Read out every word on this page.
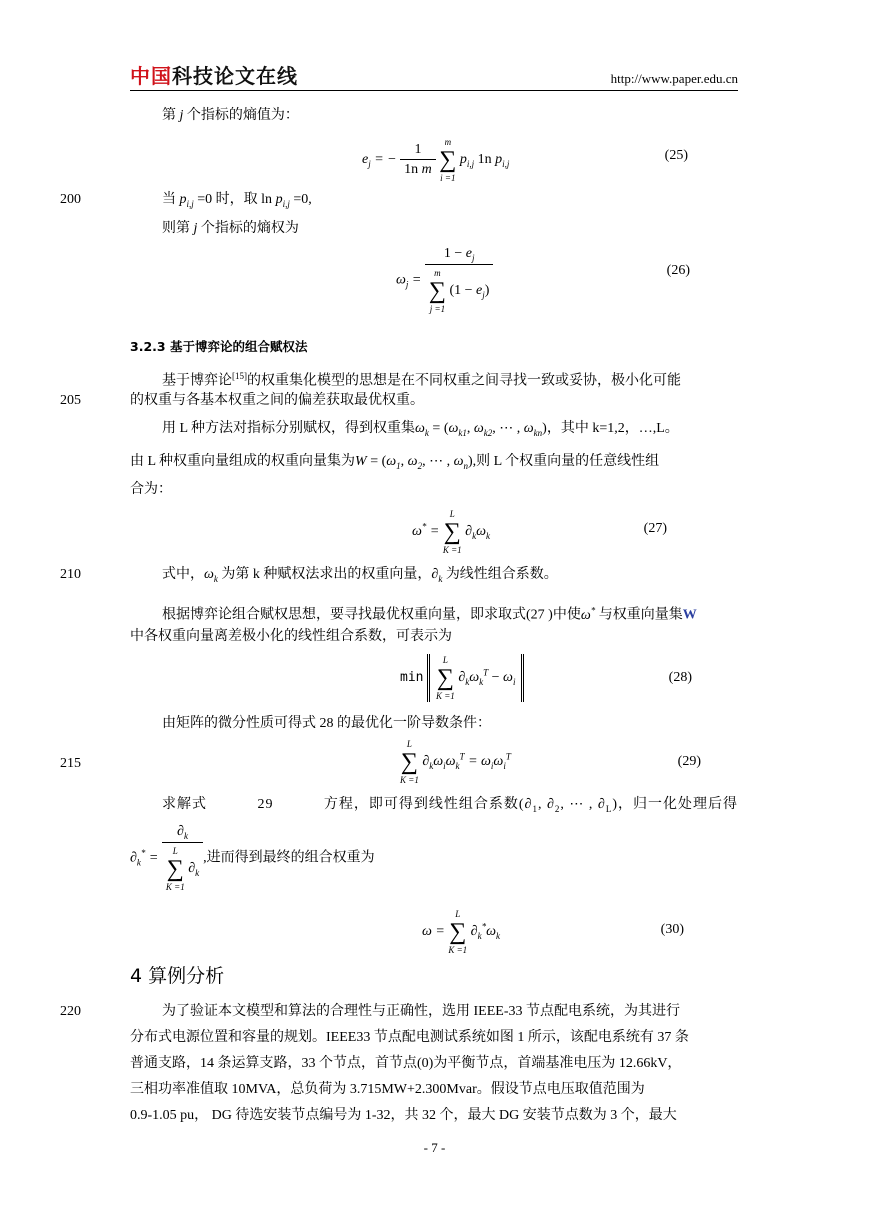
中国科技论文在线	http://www.paper.edu.cn
第 j 个指标的熵值为：
$e_j$ = − $\frac{1}{\text{1n m}}$ m
∑
i =1 $p_{i,j}$ 1n $p_{i,j}$
(25)
200	当 $p_{i,j} =0$ 时，取 $\ln p_{i,j} =0$,
则第 j 个指标的熵权为
$\omega_j$ =
$1 - e_j$
m
∑
j =1 $(1 - e_j)$
(26)
3.2.3 基于博弈论的组合赋权法
基于博弈论[15]的权重集化模型的思想是在不同权重之间寻找一致或妥协，极小化可能
205	的权重与各基本权重之间的偏差获取最优权重。
用 L 种方法对指标分别赋权，得到权重集$\omega_k = (\omega_{k1}$, $\omega_{k2}$, ⋯ , $\omega_{kn}$)，其中 k=1,2，…,L。
由 L 种权重向量组成的权重向量集为$W = (\omega_1$, $\omega_2$, ⋯ , $\omega_n$),则 L 个权重向量的任意线性组
合为：
ω* = L
∑
K =1 $\partial_k\omega_k$
(27)
210	式中，$\omega_k$ 为第 k 种赋权法求出的权重向量，$\partial_k$ 为线性组合系数。
根据博弈论组合赋权思想，要寻找最优权重向量，即求取式(27 )中使ω* 与权重向量集W
中各权重向量离差极小化的线性组合系数，可表示为
min L
∑
K =1 $\partial_k\omega_k^T - \omega_i$	(28)
由矩阵的微分性质可得式 28 的最优化一阶导数条件：
215
L
∑
K =1 $\partial_k\omega_i\omega_k^T = \omega_i\omega_i^T$	(29)
求解式	29	方程，即可得到线性组合系数($\partial_1$, $\partial_2$, ⋯ , $\partial_L$)，归一化处理后得
$\partial_k^*$ =
$\partial_k$
L
∑
K =1 $\partial_k$
,进而得到最终的组合权重为
ω = L
∑
K =1 $\partial_k^*\omega_k$	(30)
4 算例分析
220	为了验证本文模型和算法的合理性与正确性，选用 IEEE-33 节点配电系统，为其进行
分布式电源位置和容量的规划。IEEE33 节点配电测试系统如图 1 所示，该配电系统有 37 条
普通支路，14 条运算支路，33 个节点，首节点(0)为平衡节点，首端基准电压为 12.66kV，
三相功率准值取 10MVA，总负荷为 3.715MW+2.300Mvar。假设节点电压取值范围为
0.9-1.05 pu， DG 待选安装节点编号为 1-32，共 32 个，最大 DG 安装节点数为 3 个，最大
- 7 -
